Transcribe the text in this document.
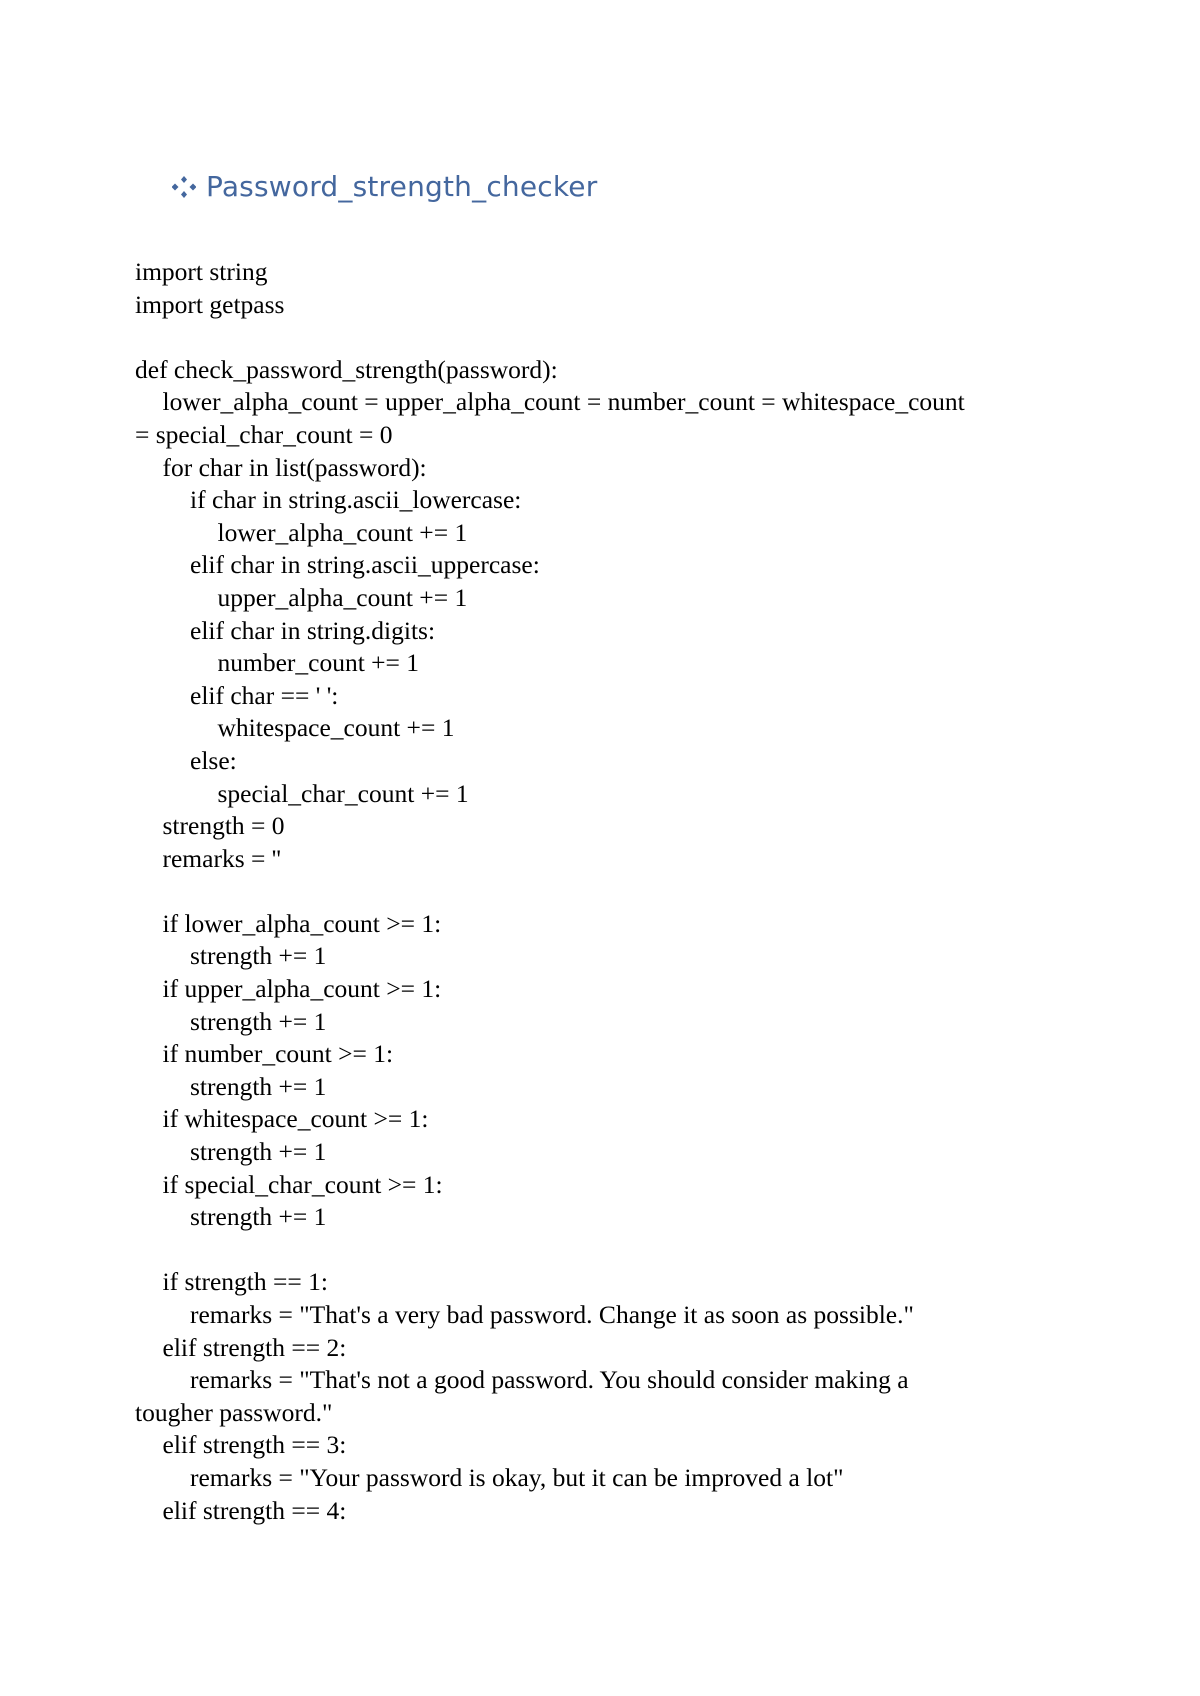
Password_strength_checker
import string
import getpass
def check_password_strength(password):
lower_alpha_count = upper_alpha_count = number_count = whitespace_count
= special_char_count = 0
for char in list(password):
if char in string.ascii_lowercase:
lower_alpha_count += 1
elif char in string.ascii_uppercase:
upper_alpha_count += 1
elif char in string.digits:
number_count += 1
elif char == ' ':
whitespace_count += 1
else:
special_char_count += 1
strength = 0
remarks = ''
if lower_alpha_count >= 1:
strength += 1
if upper_alpha_count >= 1:
strength += 1
if number_count >= 1:
strength += 1
if whitespace_count >= 1:
strength += 1
if special_char_count >= 1:
strength += 1
if strength == 1:
remarks = "That's a very bad password. Change it as soon as possible."
elif strength == 2:
remarks = "That's not a good password. You should consider making a
tougher password."
elif strength == 3:
remarks = "Your password is okay, but it can be improved a lot"
elif strength == 4:
